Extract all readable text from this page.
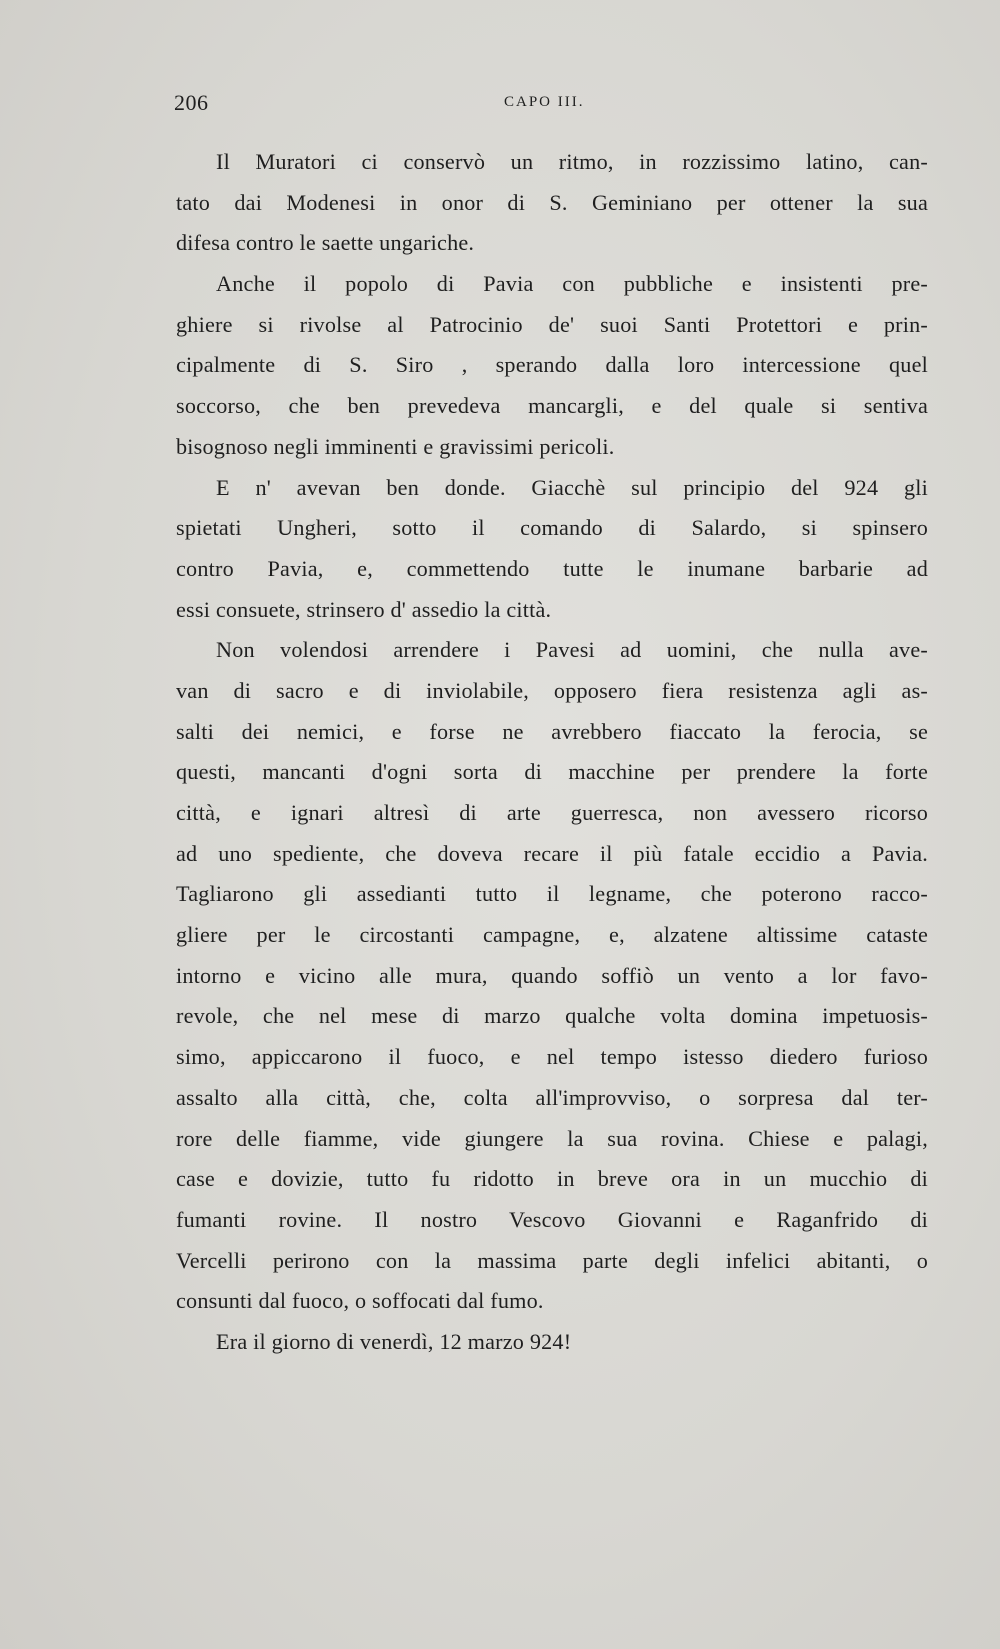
206	CAPO III.
Il Muratori ci conservò un ritmo, in rozzissimo latino, can-
tato dai Modenesi in onor di S. Geminiano per ottener la sua
difesa contro le saette ungariche.
Anche il popolo di Pavia con pubbliche e insistenti pre-
ghiere si rivolse al Patrocinio de' suoi Santi Protettori e prin-
cipalmente di S. Siro , sperando dalla loro intercessione quel
soccorso, che ben prevedeva mancargli, e del quale si sentiva
bisognoso negli imminenti e gravissimi pericoli.
E n' avevan ben donde. Giacchè sul principio del 924 gli
spietati Ungheri, sotto il comando di Salardo, si spinsero
contro Pavia, e, commettendo tutte le inumane barbarie ad
essi consuete, strinsero d' assedio la città.
Non volendosi arrendere i Pavesi ad uomini, che nulla ave-
van di sacro e di inviolabile, opposero fiera resistenza agli as-
salti dei nemici, e forse ne avrebbero fiaccato la ferocia, se
questi, mancanti d'ogni sorta di macchine per prendere la forte
città, e ignari altresì di arte guerresca, non avessero ricorso
ad uno spediente, che doveva recare il più fatale eccidio a Pavia.
Tagliarono gli assedianti tutto il legname, che poterono racco-
gliere per le circostanti campagne, e, alzatene altissime cataste
intorno e vicino alle mura, quando soffiò un vento a lor favo-
revole, che nel mese di marzo qualche volta domina impetuosis-
simo, appiccarono il fuoco, e nel tempo istesso diedero furioso
assalto alla città, che, colta all'improvviso, o sorpresa dal ter-
rore delle fiamme, vide giungere la sua rovina. Chiese e palagi,
case e dovizie, tutto fu ridotto in breve ora in un mucchio di
fumanti rovine. Il nostro Vescovo Giovanni e Raganfrido di
Vercelli perirono con la massima parte degli infelici abitanti, o
consunti dal fuoco, o soffocati dal fumo.
Era il giorno di venerdì, 12 marzo 924!
